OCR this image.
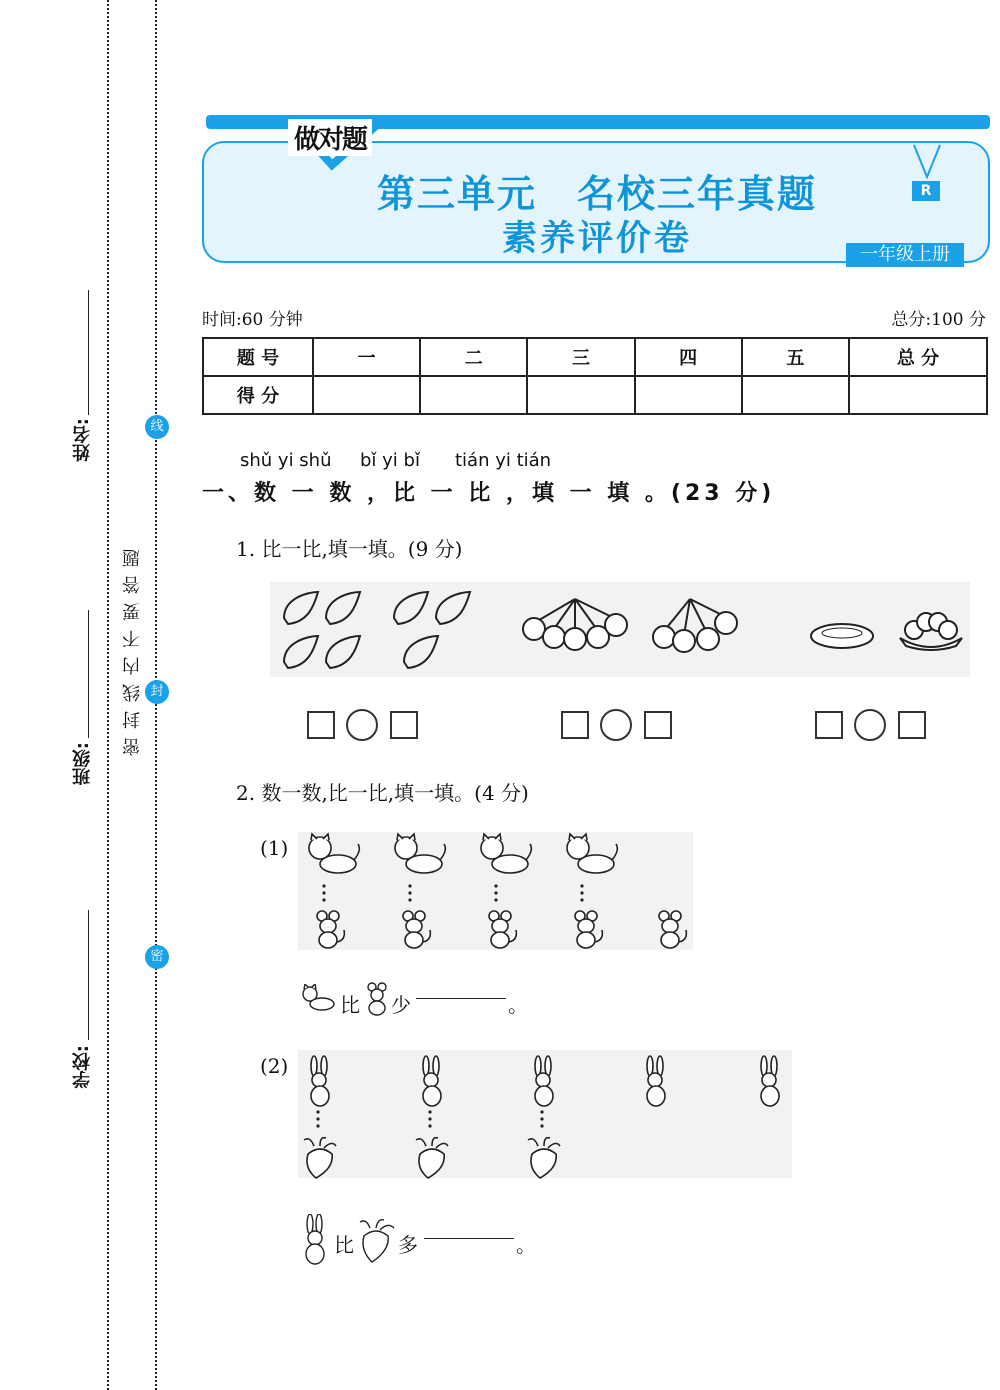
姓名:
班级:
学校:
线
封
密
密封线内不要答题
做对题
第三单元　名校三年真题
素养评价卷
R
一年级上册
时间:60 分钟	总分:100 分
题 号	一	二	三	四	五	总 分
得 分						
shǔ yi shǔ bǐ yi bǐ tián yi tián
一、数 一 数 ，比 一 比 ，填 一 填 。(23 分)
1. 比一比,填一填。(9 分)
2. 数一数,比一比,填一填。(4 分)
(1)
比 少	。
(2)
比 多	。
